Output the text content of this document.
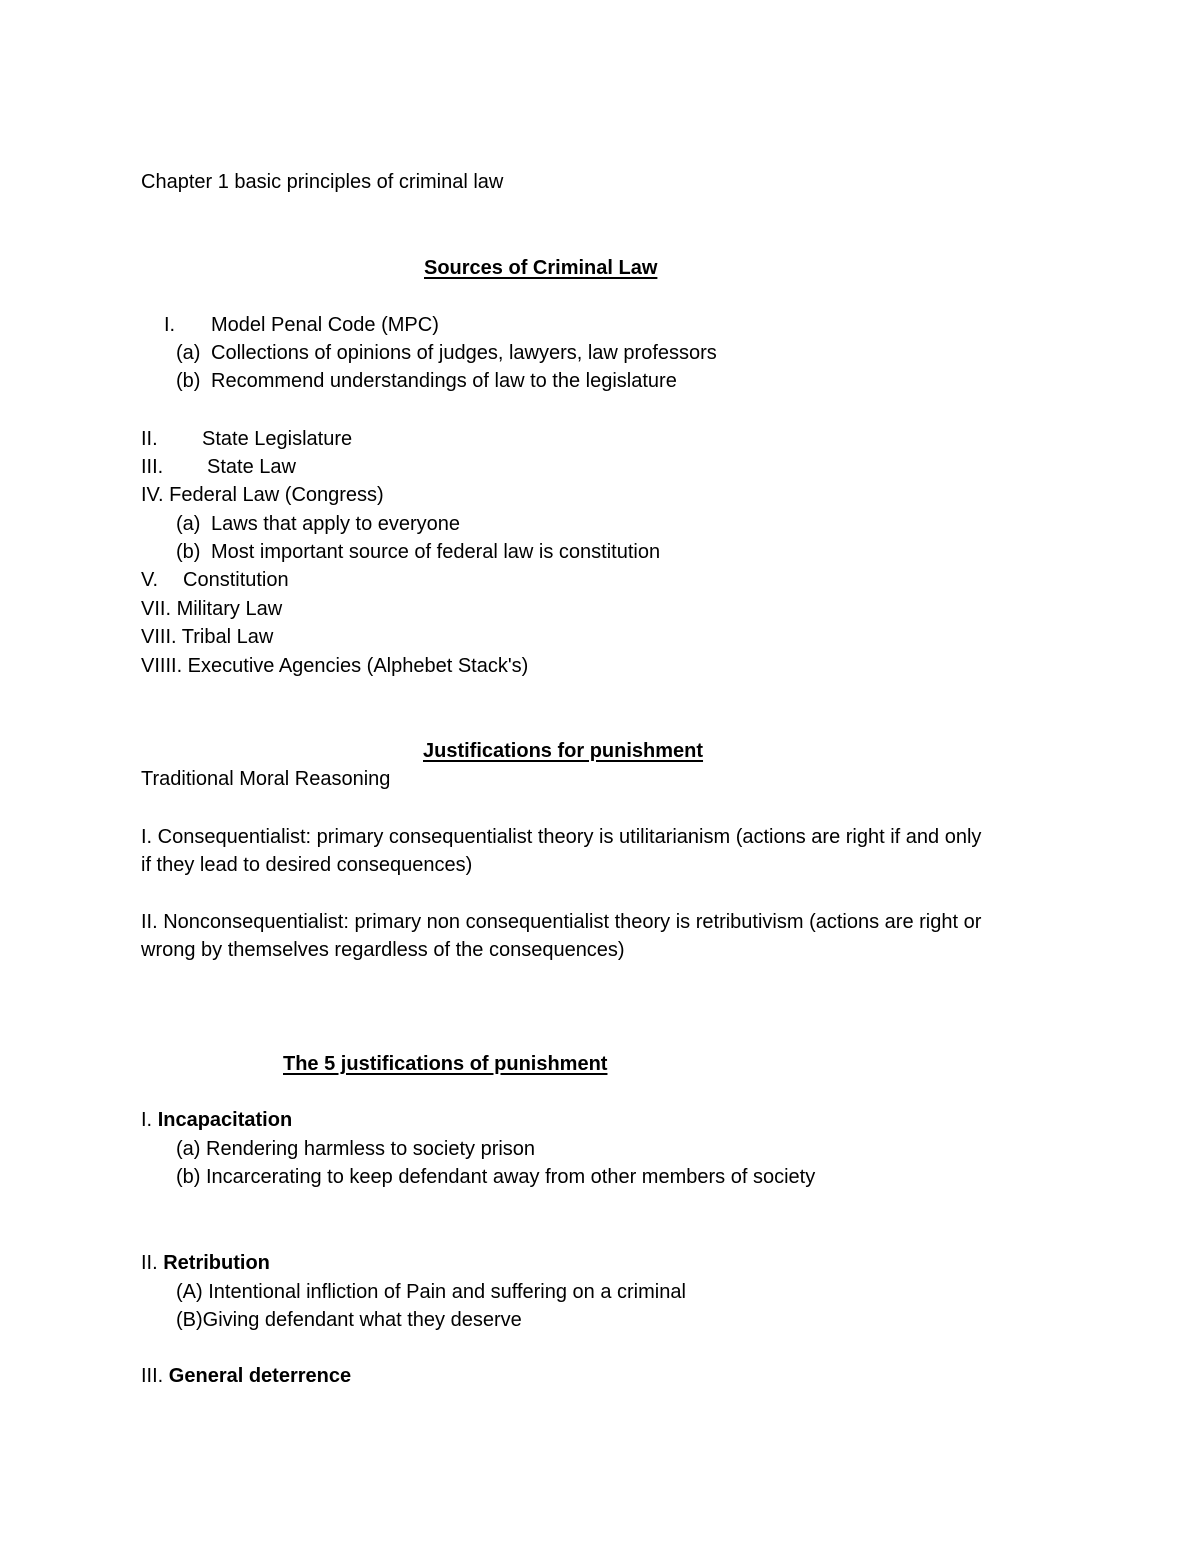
Chapter 1 basic principles of criminal law
Sources of Criminal Law
I. Model Penal Code (MPC)
(a) Collections of opinions of judges, lawyers, law professors
(b) Recommend understandings of law to the legislature
II. State Legislature
III. State Law
IV. Federal Law (Congress)
(a) Laws that apply to everyone
(b) Most important source of federal law is constitution
V. Constitution
VII. Military Law
VIII. Tribal Law
VIIII. Executive Agencies (Alphebet Stack's)
Justifications for punishment
Traditional Moral Reasoning
I. Consequentialist: primary consequentialist theory is utilitarianism (actions are right if and only
if they lead to desired consequences)
II. Nonconsequentialist: primary non consequentialist theory is retributivism (actions are right or
wrong by themselves regardless of the consequences)
The 5 justifications of punishment
I. Incapacitation
(a) Rendering harmless to society prison
(b) Incarcerating to keep defendant away from other members of society
II. Retribution
(A) Intentional infliction of Pain and suffering on a criminal
(B)Giving defendant what they deserve
III. General deterrence
